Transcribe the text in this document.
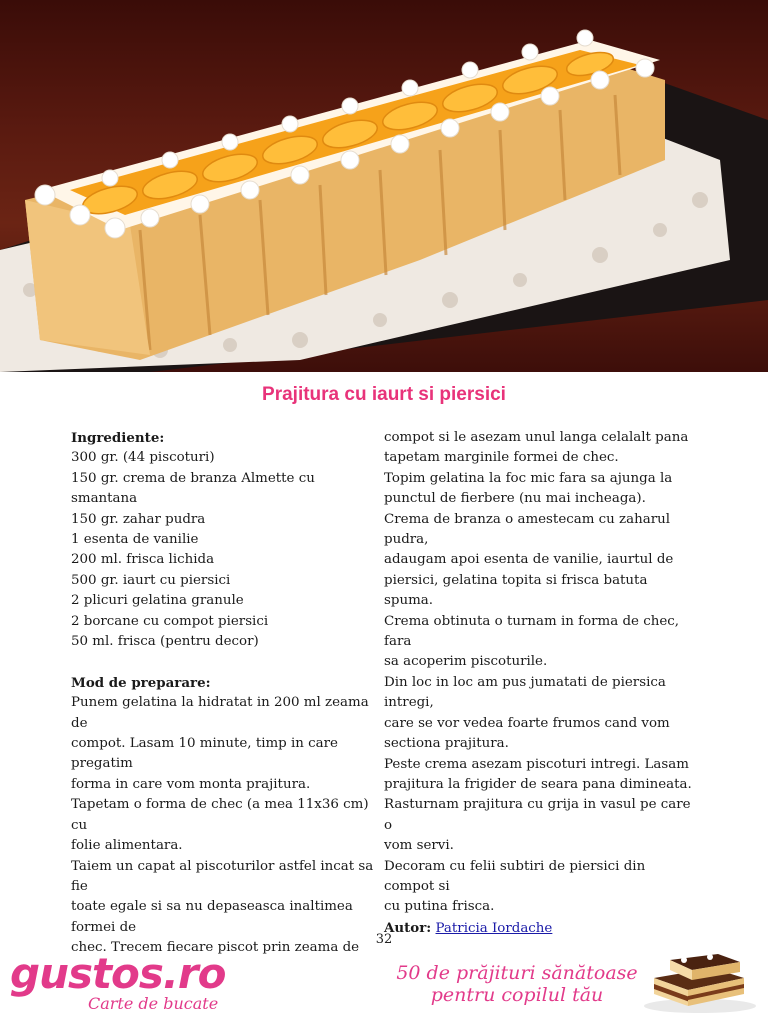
Prajitura cu iaurt si piersici

Ingrediente:

300 gr. (44 piscoturi)

150 gr. crema de branza Almette cu smantana

150 gr. zahar pudra

1 esenta de vanilie

200 ml. frisca lichida

500 gr. iaurt cu piersici

2 plicuri gelatina granule

2 borcane cu compot piersici

50 ml. frisca (pentru decor)

Mod de preparare:

Punem gelatina la hidratat in 200 ml zeama de

compot. Lasam 10 minute, timp in care pregatim

forma in care vom monta prajitura.

Tapetam o forma de chec (a mea 11x36 cm) cu

folie alimentara.

Taiem un capat al piscoturilor astfel incat sa fie

toate egale si sa nu depaseasca inaltimea formei de

chec. Trecem fiecare piscot prin zeama de

compot si le asezam unul langa celalalt pana

tapetam marginile formei de chec.

Topim gelatina la foc mic fara sa ajunga la

punctul de fierbere (nu mai incheaga).

Crema de branza o amestecam cu zaharul pudra,

adaugam apoi esenta de vanilie, iaurtul de

piersici, gelatina topita si frisca batuta spuma.

Crema obtinuta o turnam in forma de chec, fara

sa acoperim piscoturile.

Din loc in loc am pus jumatati de piersica intregi,

care se vor vedea foarte frumos cand vom

sectiona prajitura.

Peste crema asezam piscoturi intregi. Lasam

prajitura la frigider de seara pana dimineata.

Rasturnam prajitura cu grija in vasul pe care o

vom servi.

Decoram cu felii subtiri de piersici din compot si

cu putina frisca.

Autor: Patricia Iordache

32
gustos.ro
Carte de bucate
50 de prăjituri sănătoase
pentru copilul tău
